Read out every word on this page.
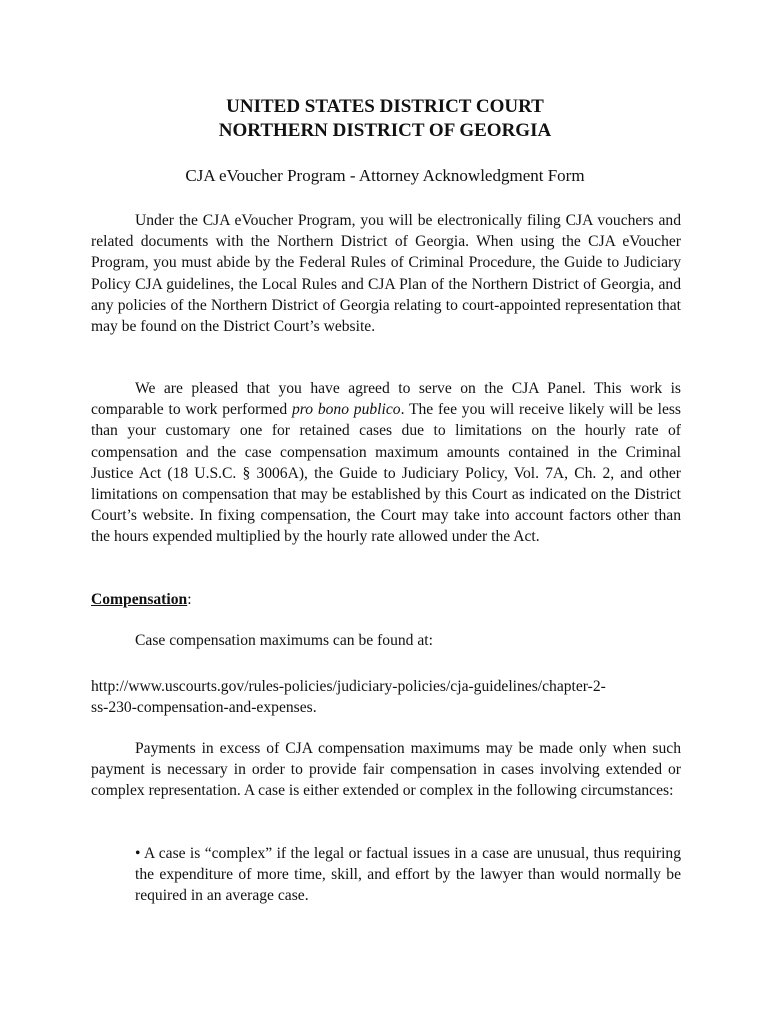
UNITED STATES DISTRICT COURT
NORTHERN DISTRICT OF GEORGIA
CJA eVoucher Program - Attorney Acknowledgment Form

Under the CJA eVoucher Program, you will be electronically filing CJA vouchers and related documents with the Northern District of Georgia. When using the CJA eVoucher Program, you must abide by the Federal Rules of Criminal Procedure, the Guide to Judiciary Policy CJA guidelines, the Local Rules and CJA Plan of the Northern District of Georgia, and any policies of the Northern District of Georgia relating to court-appointed representation that may be found on the District Court’s website.

We are pleased that you have agreed to serve on the CJA Panel. This work is comparable to work performed pro bono publico. The fee you will receive likely will be less than your customary one for retained cases due to limitations on the hourly rate of compensation and the case compensation maximum amounts contained in the Criminal Justice Act (18 U.S.C. § 3006A), the Guide to Judiciary Policy, Vol. 7A, Ch. 2, and other limitations on compensation that may be established by this Court as indicated on the District Court’s website. In fixing compensation, the Court may take into account factors other than the hours expended multiplied by the hourly rate allowed under the Act.

Compensation:
Case compensation maximums can be found at:
http://www.uscourts.gov/rules-policies/judiciary-policies/cja-guidelines/chapter-2-
ss-230-compensation-and-expenses.

Payments in excess of CJA compensation maximums may be made only when such payment is necessary in order to provide fair compensation in cases involving extended or complex representation. A case is either extended or complex in the following circumstances:

• A case is “complex” if the legal or factual issues in a case are unusual, thus requiring the expenditure of more time, skill, and effort by the lawyer than would normally be required in an average case.
